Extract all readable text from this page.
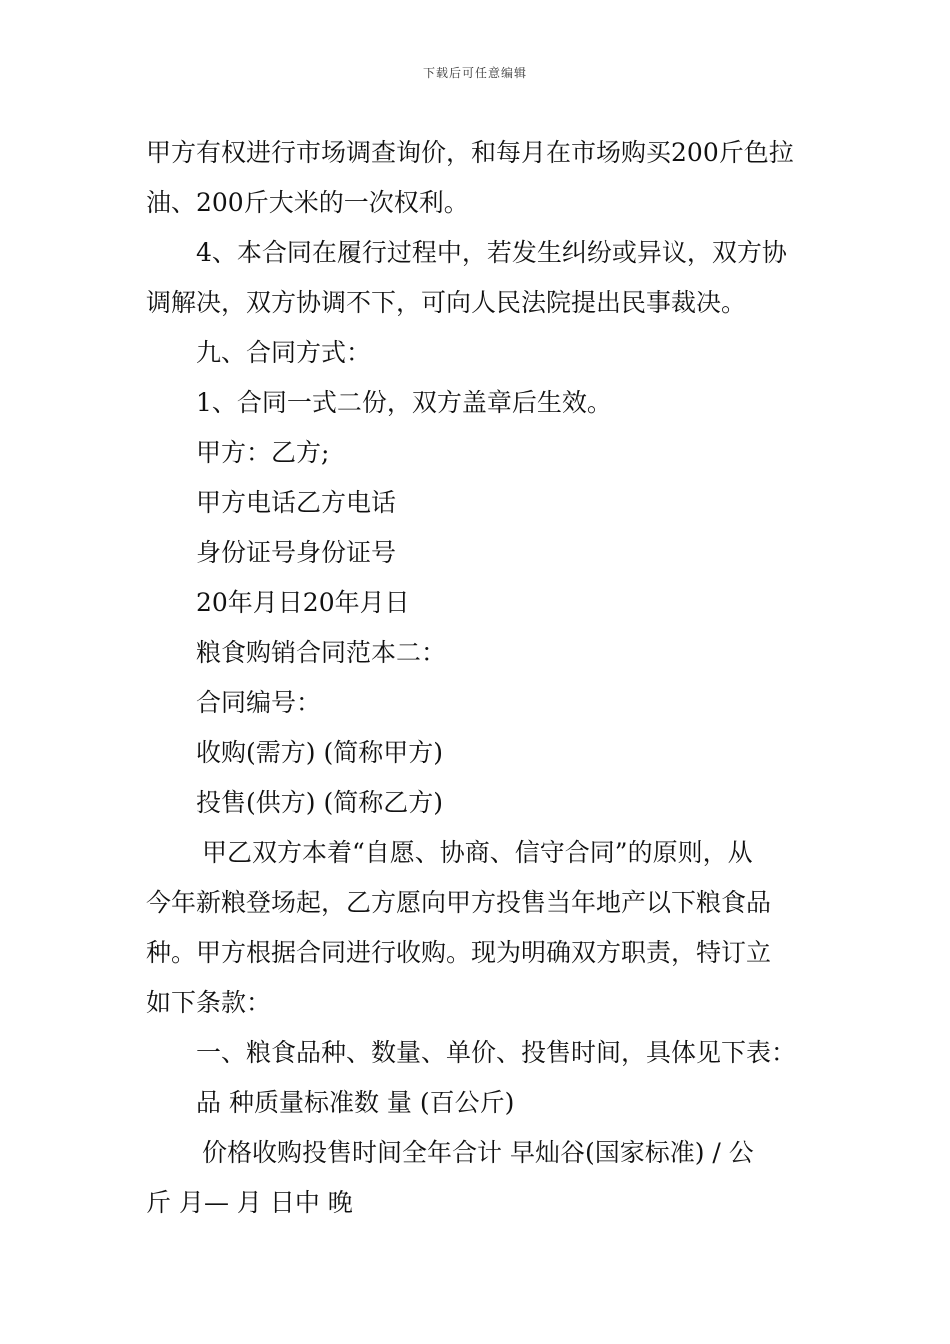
下载后可任意编辑
甲方有权进行市场调查询价，和每月在市场购买200斤色拉
油、200斤大米的一次权利。
4、本合同在履行过程中，若发生纠纷或异议，双方协
调解决，双方协调不下，可向人民法院提出民事裁决。
九、合同方式：
1、合同一式二份，双方盖章后生效。
甲方：乙方;
甲方电话乙方电话
身份证号身份证号
20年月日20年月日
粮食购销合同范本二：
合同编号：
收购(需方) (简称甲方)
投售(供方) (简称乙方)
甲乙双方本着“自愿、协商、信守合同”的原则，从
今年新粮登场起，乙方愿向甲方投售当年地产以下粮食品
种。甲方根据合同进行收购。现为明确双方职责，特订立
如下条款：
一、粮食品种、数量、单价、投售时间，具体见下表：
品 种质量标准数 量 (百公斤)
价格收购投售时间全年合计 早灿谷(国家标准) / 公
斤 月— 月 日中 晚
